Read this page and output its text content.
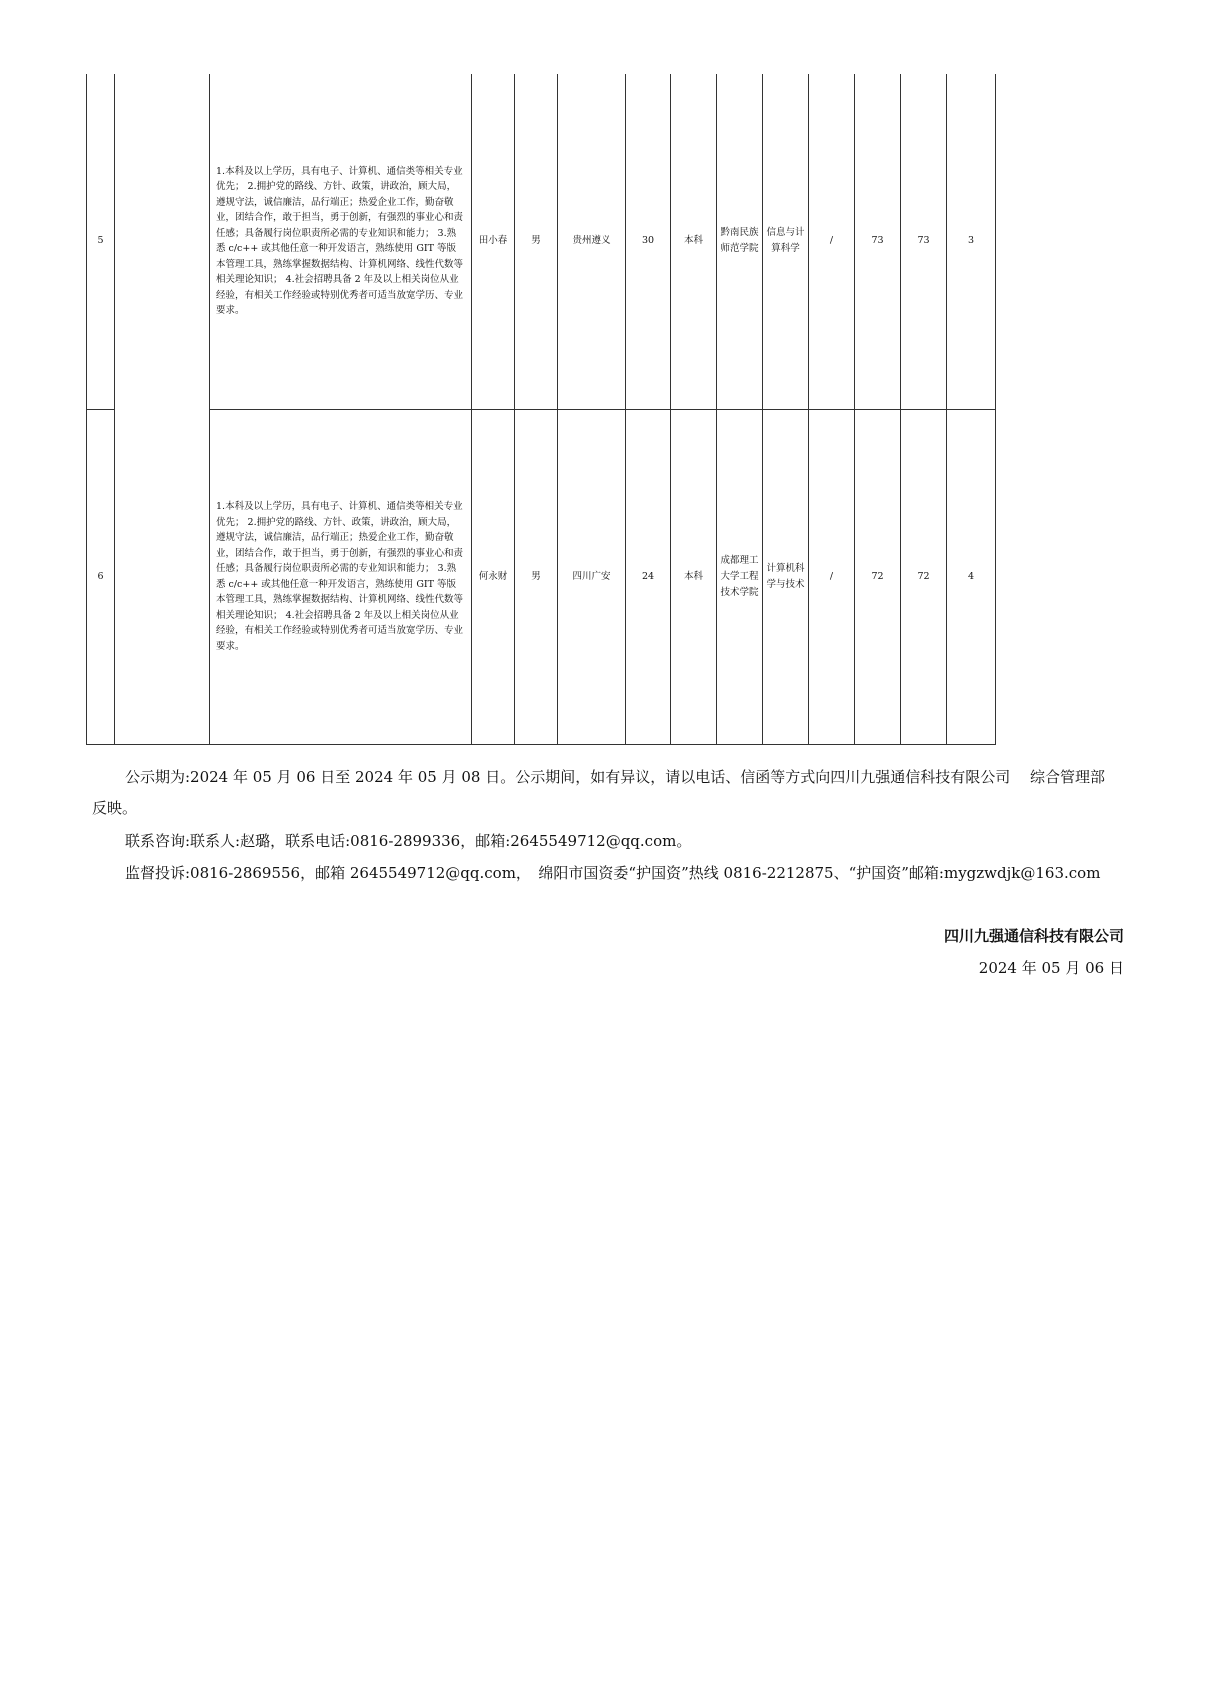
5		1.本科及以上学历，具有电子、计算机、通信类等相关专业优先； 2.拥护党的路线、方针、政策，讲政治，顾大局，遵规守法，诚信廉洁，品行端正；热爱企业工作，勤奋敬业，团结合作，敢于担当，勇于创新，有强烈的事业心和责任感；具备履行岗位职责所必需的专业知识和能力； 3.熟悉 c/c++ 或其他任意一种开发语言，熟练使用 GIT 等版本管理工具，熟练掌握数据结构、计算机网络、线性代数等相关理论知识； 4.社会招聘具备 2 年及以上相关岗位从业经验，有相关工作经验或特别优秀者可适当放宽学历、专业要求。	田小春	男	贵州遵义	30	本科	黔南民族师范学院	信息与计算科学	/	73	73	3
6		1.本科及以上学历，具有电子、计算机、通信类等相关专业优先； 2.拥护党的路线、方针、政策，讲政治，顾大局，遵规守法，诚信廉洁，品行端正；热爱企业工作，勤奋敬业，团结合作，敢于担当，勇于创新，有强烈的事业心和责任感；具备履行岗位职责所必需的专业知识和能力； 3.熟悉 c/c++ 或其他任意一种开发语言，熟练使用 GIT 等版本管理工具，熟练掌握数据结构、计算机网络、线性代数等相关理论知识； 4.社会招聘具备 2 年及以上相关岗位从业经验，有相关工作经验或特别优秀者可适当放宽学历、专业要求。	何永财	男	四川广安	24	本科	成都理工大学工程技术学院	计算机科学与技术	/	72	72	4
公示期为:2024 年 05 月 06 日至 2024 年 05 月 08 日。公示期间，如有异议，请以电话、信函等方式向四川九强通信科技有限公司　 综合管理部
反映。
联系咨询:联系人:赵璐，联系电话:0816-2899336，邮箱:2645549712@qq.com。
监督投诉:0816-2869556，邮箱 2645549712@qq.com，　绵阳市国资委“护国资”热线 0816-2212875、“护国资”邮箱:mygzwdjk@163.com
四川九强通信科技有限公司
2024 年 05 月 06 日
